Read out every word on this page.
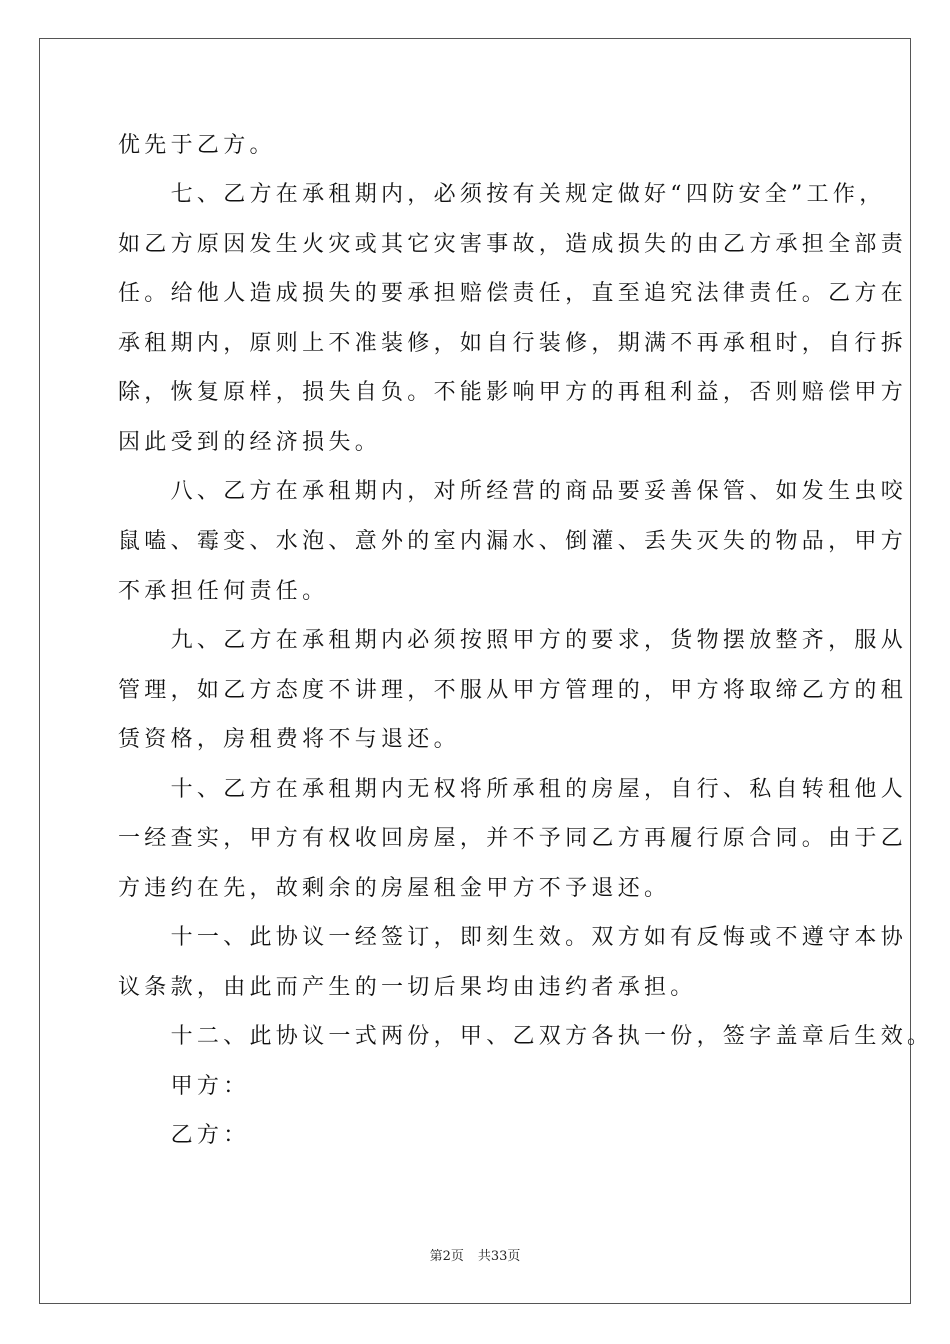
优先于乙方。
　　七、乙方在承租期内，必须按有关规定做好“四防安全”工作，
如乙方原因发生火灾或其它灾害事故，造成损失的由乙方承担全部责
任。给他人造成损失的要承担赔偿责任，直至追究法律责任。乙方在
承租期内，原则上不准装修，如自行装修，期满不再承租时，自行拆
除，恢复原样，损失自负。不能影响甲方的再租利益，否则赔偿甲方
因此受到的经济损失。
　　八、乙方在承租期内，对所经营的商品要妥善保管、如发生虫咬
鼠嗑、霉变、水泡、意外的室内漏水、倒灌、丢失灭失的物品，甲方
不承担任何责任。
　　九、乙方在承租期内必须按照甲方的要求，货物摆放整齐，服从
管理，如乙方态度不讲理，不服从甲方管理的，甲方将取缔乙方的租
赁资格，房租费将不与退还。
　　十、乙方在承租期内无权将所承租的房屋，自行、私自转租他人
一经查实，甲方有权收回房屋，并不予同乙方再履行原合同。由于乙
方违约在先，故剩余的房屋租金甲方不予退还。
　　十一、此协议一经签订，即刻生效。双方如有反悔或不遵守本协
议条款，由此而产生的一切后果均由违约者承担。
　　十二、此协议一式两份，甲、乙双方各执一份，签字盖章后生效。
　　甲方：
　　乙方：
第2页 共33页
